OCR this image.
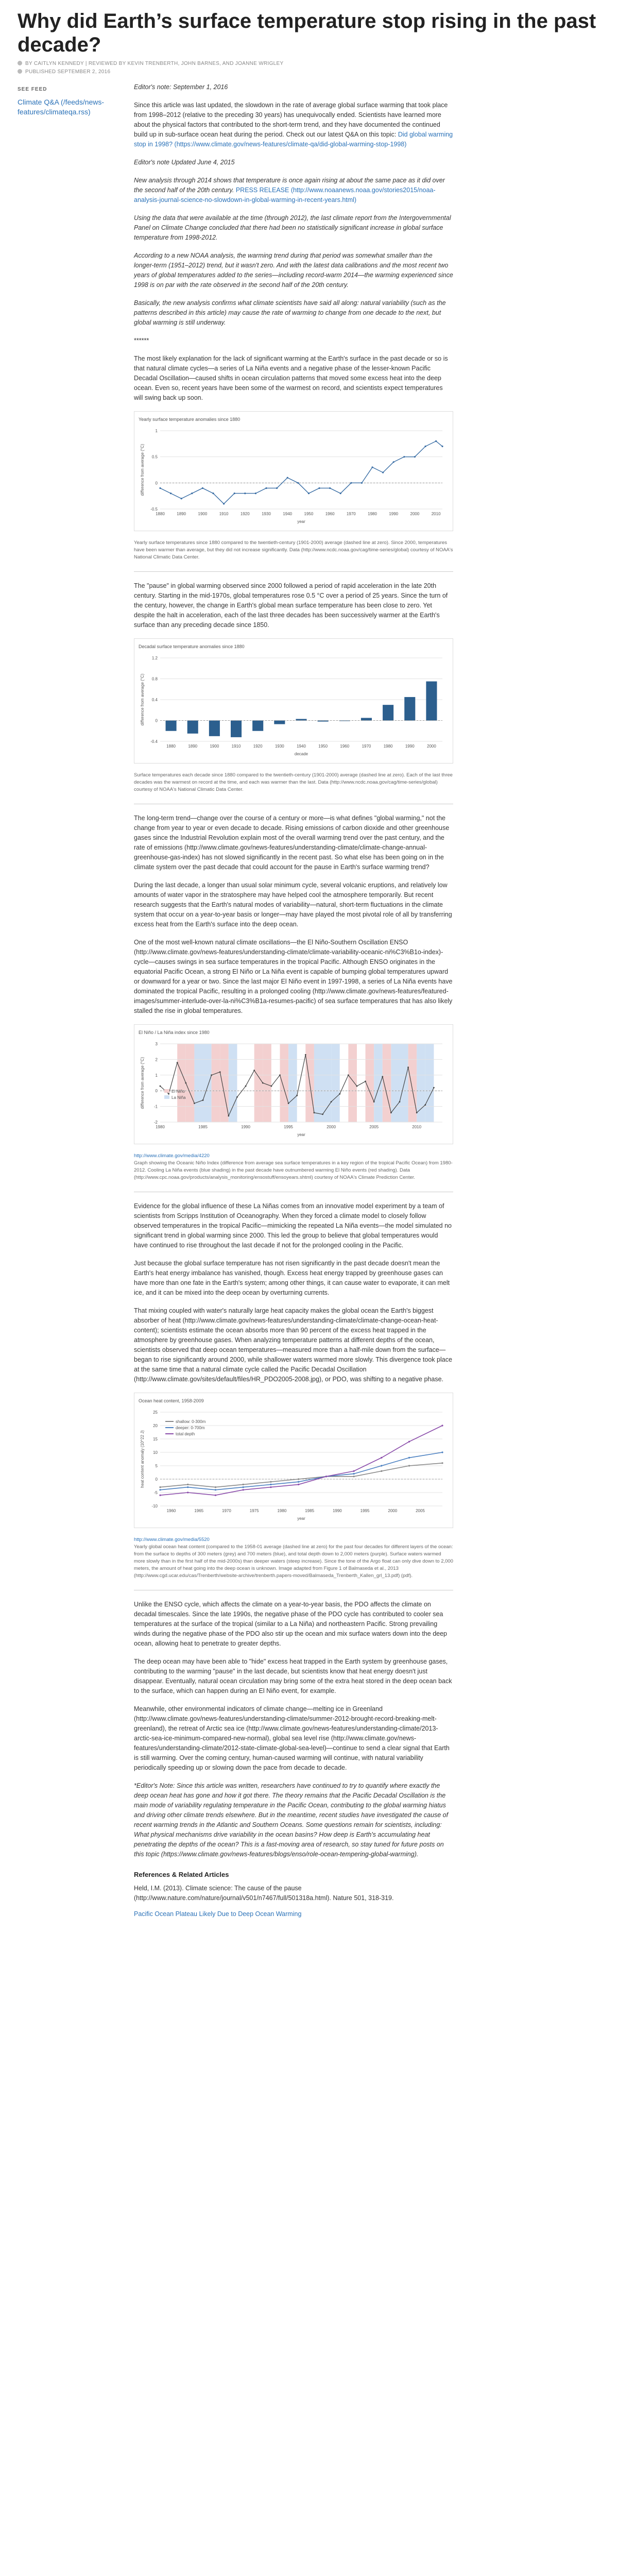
Why did Earth’s surface temperature stop rising in the past decade?
BY CAITLYN KENNEDY | REVIEWED BY KEVIN TRENBERTH, JOHN BARNES, AND JOANNE WRIGLEY
PUBLISHED SEPTEMBER 2, 2016
SEE FEED
Climate Q&A (/feeds/news-features/climateqa.rss)

Editor's note: September 1, 2016

Since this article was last updated, the slowdown in the rate of average global surface warming that took place from 1998–2012 (relative to the preceding 30 years) has unequivocally ended. Scientists have learned more about the physical factors that contributed to the short-term trend, and they have documented the continued build up in sub-surface ocean heat during the period. Check out our latest Q&A on this topic: Did global warming stop in 1998? (https://www.climate.gov/news-features/climate-qa/did-global-warming-stop-1998)

Editor's note Updated June 4, 2015

New analysis through 2014 shows that temperature is once again rising at about the same pace as it did over the second half of the 20th century. PRESS RELEASE (http://www.noaanews.noaa.gov/stories2015/noaa-analysis-journal-science-no-slowdown-in-global-warming-in-recent-years.html)

Using the data that were available at the time (through 2012), the last climate report from the Intergovernmental Panel on Climate Change concluded that there had been no statistically significant increase in global surface temperature from 1998-2012.

According to a new NOAA analysis, the warming trend during that period was somewhat smaller than the longer-term (1951–2012) trend, but it wasn't zero. And with the latest data calibrations and the most recent two years of global temperatures added to the series—including record-warm 2014—the warming experienced since 1998 is on par with the rate observed in the second half of the 20th century.

Basically, the new analysis confirms what climate scientists have said all along: natural variability (such as the patterns described in this article) may cause the rate of warming to change from one decade to the next, but global warming is still underway.

******

The most likely explanation for the lack of significant warming at the Earth's surface in the past decade or so is that natural climate cycles—a series of La Niña events and a negative phase of the lesser-known Pacific Decadal Oscillation—caused shifts in ocean circulation patterns that moved some excess heat into the deep ocean. Even so, recent years have been some of the warmest on record, and scientists expect temperatures will swing back up soon.

Yearly surface temperature anomalies since 1880
-0.5
0
0.5
1
1880	1890	1900	1910	1920	1930	1940	1950	1960	1970	1980	1990	2000	2010
year
difference from average (°C)
Yearly surface temperatures since 1880 compared to the twentieth-century (1901-2000) average (dashed line at zero). Since 2000, temperatures have been warmer than average, but they did not increase significantly. Data (http://www.ncdc.noaa.gov/cag/time-series/global) courtesy of NOAA's National Climatic Data Center.

The "pause" in global warming observed since 2000 followed a period of rapid acceleration in the late 20th century. Starting in the mid-1970s, global temperatures rose 0.5 °C over a period of 25 years. Since the turn of the century, however, the change in Earth's global mean surface temperature has been close to zero. Yet despite the halt in acceleration, each of the last three decades has been successively warmer at the Earth's surface than any preceding decade since 1850.

Decadal surface temperature anomalies since 1880
-0.4
0
0.4
0.8
1.2
1880	1890	1900	1910	1920	1930	1940	1950	1960	1970	1980	1990	2000
decade
difference from average (°C)
Surface temperatures each decade since 1880 compared to the twentieth-century (1901-2000) average (dashed line at zero). Each of the last three decades was the warmest on record at the time, and each was warmer than the last. Data (http://www.ncdc.noaa.gov/cag/time-series/global) courtesy of NOAA's National Climatic Data Center.

The long-term trend—change over the course of a century or more—is what defines "global warming," not the change from year to year or even decade to decade. Rising emissions of carbon dioxide and other greenhouse gases since the Industrial Revolution explain most of the overall warming trend over the past century, and the rate of emissions (http://www.climate.gov/news-features/understanding-climate/climate-change-annual-greenhouse-gas-index) has not slowed significantly in the recent past. So what else has been going on in the climate system over the past decade that could account for the pause in Earth's surface warming trend?

During the last decade, a longer than usual solar minimum cycle, several volcanic eruptions, and relatively low amounts of water vapor in the stratosphere may have helped cool the atmosphere temporarily. But recent research suggests that the Earth's natural modes of variability—natural, short-term fluctuations in the climate system that occur on a year-to-year basis or longer—may have played the most pivotal role of all by transferring excess heat from the Earth's surface into the deep ocean.

One of the most well-known natural climate oscillations—the El Niño-Southern Oscillation ENSO (http://www.climate.gov/news-features/understanding-climate/climate-variability-oceanic-ni%C3%B1o-index)-cycle—causes swings in sea surface temperatures in the tropical Pacific. Although ENSO originates in the equatorial Pacific Ocean, a strong El Niño or La Niña event is capable of bumping global temperatures upward or downward for a year or two. Since the last major El Niño event in 1997-1998, a series of La Niña events have dominated the tropical Pacific, resulting in a prolonged cooling (http://www.climate.gov/news-features/featured-images/summer-interlude-over-la-ni%C3%B1a-resumes-pacific) of sea surface temperatures that has also likely stalled the rise in global temperatures.

El Niño / La Niña index since 1980
-2
-1
0
1
2
3
1980	1985	1990	1995	2000	2005	2010
year
difference from average (°C)	El Niño
La Niña
http://www.climate.gov/media/4220
Graph showing the Oceanic Niño Index (difference from average sea surface temperatures in a key region of the tropical Pacific Ocean) from 1980-2012. Cooling La Niña events (blue shading) in the past decade have outnumbered warming El Niño events (red shading). Data (http://www.cpc.noaa.gov/products/analysis_monitoring/ensostuff/ensoyears.shtml) courtesy of NOAA's Climate Prediction Center.

Evidence for the global influence of these La Niñas comes from an innovative model experiment by a team of scientists from Scripps Institution of Oceanography. When they forced a climate model to closely follow observed temperatures in the tropical Pacific—mimicking the repeated La Niña events—the model simulated no significant trend in global warming since 2000. This led the group to believe that global temperatures would have continued to rise throughout the last decade if not for the prolonged cooling in the Pacific.

Just because the global surface temperature has not risen significantly in the past decade doesn't mean the Earth's heat energy imbalance has vanished, though. Excess heat energy trapped by greenhouse gases can have more than one fate in the Earth's system; among other things, it can cause water to evaporate, it can melt ice, and it can be mixed into the deep ocean by overturning currents.

That mixing coupled with water's naturally large heat capacity makes the global ocean the Earth's biggest absorber of heat (http://www.climate.gov/news-features/understanding-climate/climate-change-ocean-heat-content); scientists estimate the ocean absorbs more than 90 percent of the excess heat trapped in the atmosphere by greenhouse gases. When analyzing temperature patterns at different depths of the ocean, scientists observed that deep ocean temperatures—measured more than a half-mile down from the surface—began to rise significantly around 2000, while shallower waters warmed more slowly. This divergence took place at the same time that a natural climate cycle called the Pacific Decadal Oscillation (http://www.climate.gov/sites/default/files/HR_PDO2005-2008.jpg), or PDO, was shifting to a negative phase.

Ocean heat content, 1958-2009
-10
-5
0
5
10
15
20
25
1960	1965	1970	1975	1980	1985	1990	1995	2000	2005
year
heat content anomaly (10^22 J)
shallow: 0-300m
deeper: 0-700m
total depth
http://www.climate.gov/media/5520
Yearly global ocean heat content (compared to the 1958-01 average (dashed line at zero) for the past four decades for different layers of the ocean: from the surface to depths of 300 meters (grey) and 700 meters (blue), and total depth down to 2,000 meters (purple). Surface waters warmed more slowly than in the first half of the mid-2000s) than deeper waters (steep increase). Since the tone of the Argo float can only dive down to 2,000 meters, the amount of heat going into the deep ocean is unknown. Image adapted from Figure 1 of Balmaseda et al., 2013 (http://www.cgd.ucar.edu/cas/Trenberth/website-archive/trenberth.papers-moved/Balmaseda_Trenberth_Kallen_grl_13.pdf) (pdf).

Unlike the ENSO cycle, which affects the climate on a year-to-year basis, the PDO affects the climate on decadal timescales. Since the late 1990s, the negative phase of the PDO cycle has contributed to cooler sea temperatures at the surface of the tropical (similar to a La Niña) and northeastern Pacific. Strong prevailing winds during the negative phase of the PDO also stir up the ocean and mix surface waters down into the deep ocean, allowing heat to penetrate to greater depths.

The deep ocean may have been able to "hide" excess heat trapped in the Earth system by greenhouse gases, contributing to the warming "pause" in the last decade, but scientists know that heat energy doesn't just disappear. Eventually, natural ocean circulation may bring some of the extra heat stored in the deep ocean back to the surface, which can happen during an El Niño event, for example.

Meanwhile, other environmental indicators of climate change—melting ice in Greenland (http://www.climate.gov/news-features/understanding-climate/summer-2012-brought-record-breaking-melt-greenland), the retreat of Arctic sea ice (http://www.climate.gov/news-features/understanding-climate/2013-arctic-sea-ice-minimum-compared-new-normal), global sea level rise (http://www.climate.gov/news-features/understanding-climate/2012-state-climate-global-sea-level)—continue to send a clear signal that Earth is still warming. Over the coming century, human-caused warming will continue, with natural variability periodically speeding up or slowing down the pace from decade to decade.

*Editor's Note: Since this article was written, researchers have continued to try to quantify where exactly the deep ocean heat has gone and how it got there. The theory remains that the Pacific Decadal Oscillation is the main mode of variability regulating temperature in the Pacific Ocean, contributing to the global warming hiatus and driving other climate trends elsewhere. But in the meantime, recent studies have investigated the cause of recent warming trends in the Atlantic and Southern Oceans. Some questions remain for scientists, including: What physical mechanisms drive variability in the ocean basins? How deep is Earth's accumulating heat penetrating the depths of the ocean? This is a fast-moving area of research, so stay tuned for future posts on this topic (https://www.climate.gov/news-features/blogs/enso/role-ocean-tempering-global-warming).

References & Related Articles

Held, I.M. (2013). Climate science: The cause of the pause (http://www.nature.com/nature/journal/v501/n7467/full/501318a.html). Nature 501, 318-319.

Pacific Ocean Plateau Likely Due to Deep Ocean Warming
